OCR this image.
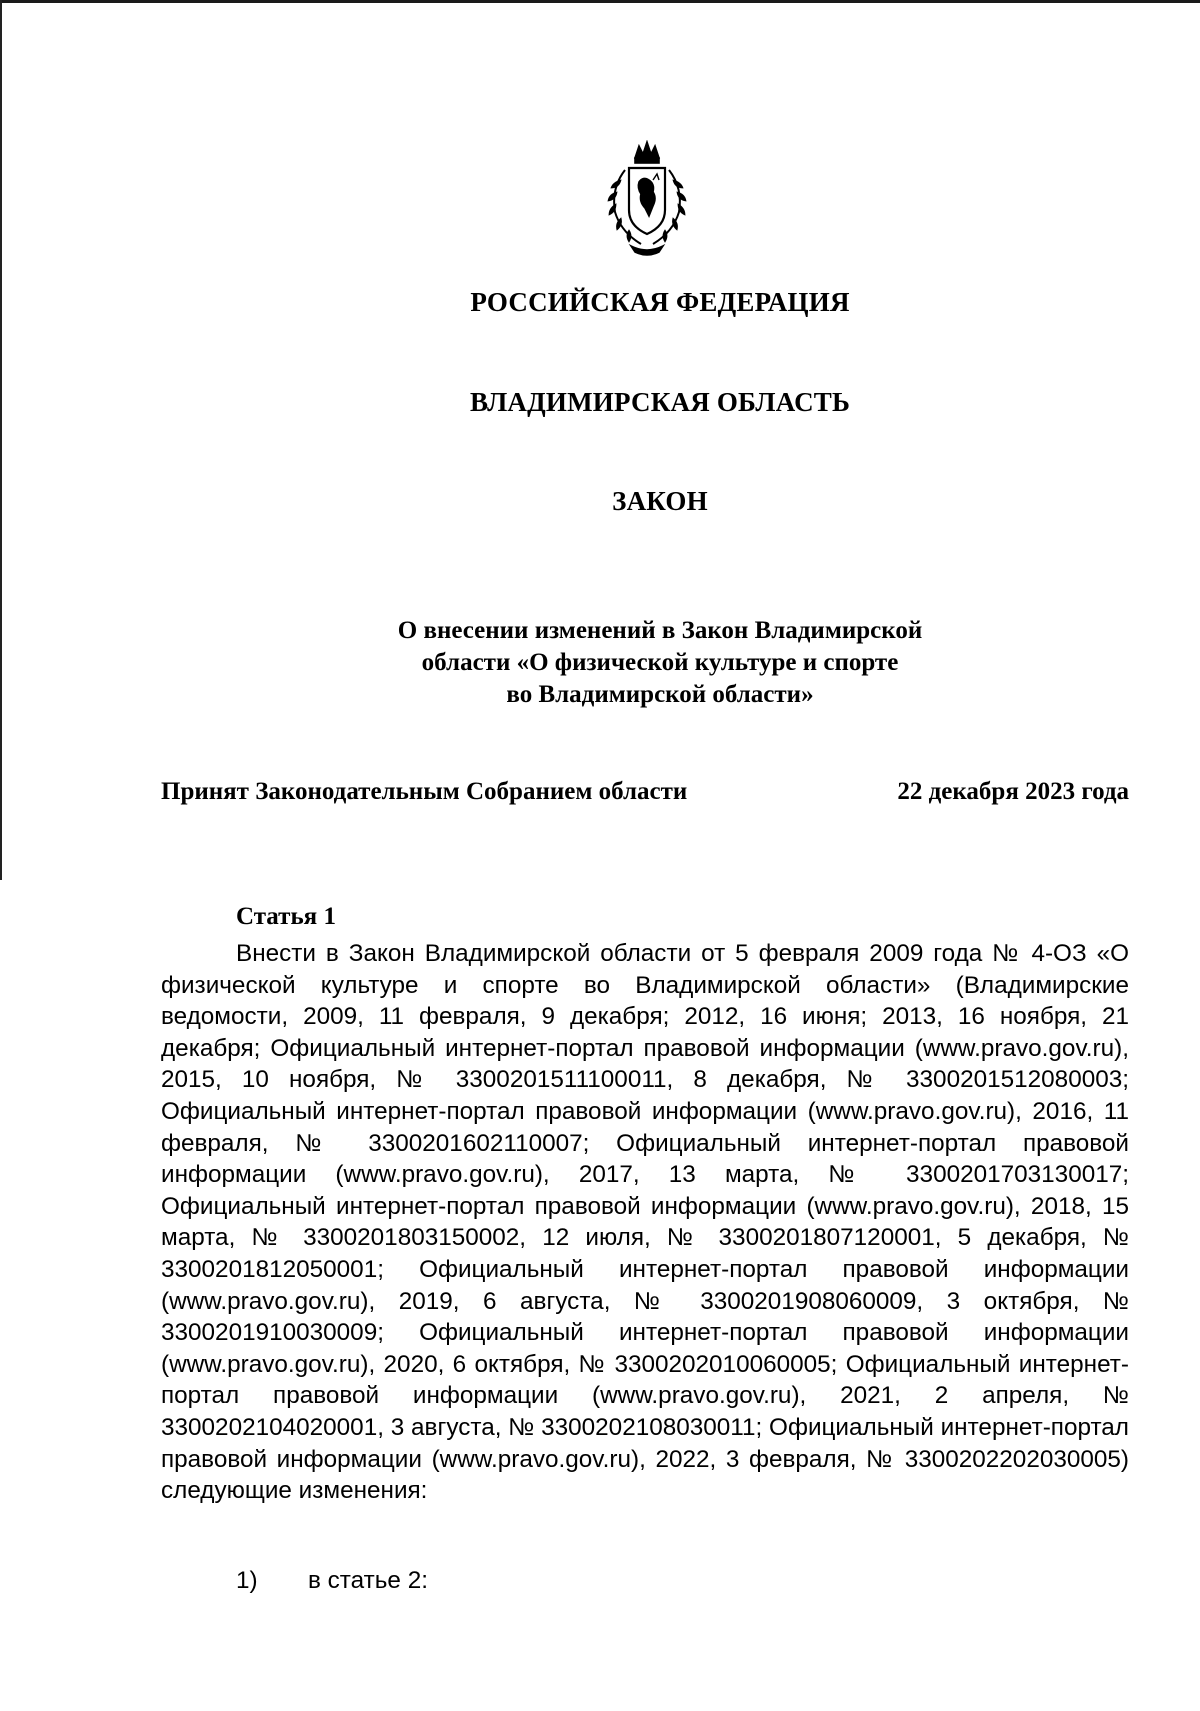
РОССИЙСКАЯ ФЕДЕРАЦИЯ
ВЛАДИМИРСКАЯ ОБЛАСТЬ
ЗАКОН
О внесении изменений в Закон Владимирской
области «О физической культуре и спорте
во Владимирской области»
Принят Законодательным Собранием области	22 декабря 2023 года
Статья 1

Внести в Закон Владимирской области от 5 февраля 2009 года № 4-ОЗ «О физической культуре и спорте во Владимирской области» (Владимирские ведомости, 2009, 11 февраля, 9 декабря; 2012, 16 июня; 2013, 16 ноября, 21 декабря; Официальный интернет-портал правовой информации (www.pravo.gov.ru), 2015, 10 ноября, № 3300201511100011, 8 декабря, № 3300201512080003; Официальный интернет-портал правовой информации (www.pravo.gov.ru), 2016, 11 февраля, № 3300201602110007; Официальный интернет-портал правовой информации (www.pravo.gov.ru), 2017, 13 марта, № 3300201703130017; Официальный интернет-портал правовой информации (www.pravo.gov.ru), 2018, 15 марта, № 3300201803150002, 12 июля, № 3300201807120001, 5 декабря, № 3300201812050001; Официальный интернет-портал правовой информации (www.pravo.gov.ru), 2019, 6 августа, № 3300201908060009, 3 октября, № 3300201910030009; Официальный интернет-портал правовой информации (www.pravo.gov.ru), 2020, 6 октября, № 3300202010060005; Официальный интернет-портал правовой информации (www.pravo.gov.ru), 2021, 2 апреля, № 3300202104020001, 3 августа, № 3300202108030011; Официальный интернет-портал правовой информации (www.pravo.gov.ru), 2022, 3 февраля, № 3300202202030005) следующие изменения:

1)	в статье 2:
